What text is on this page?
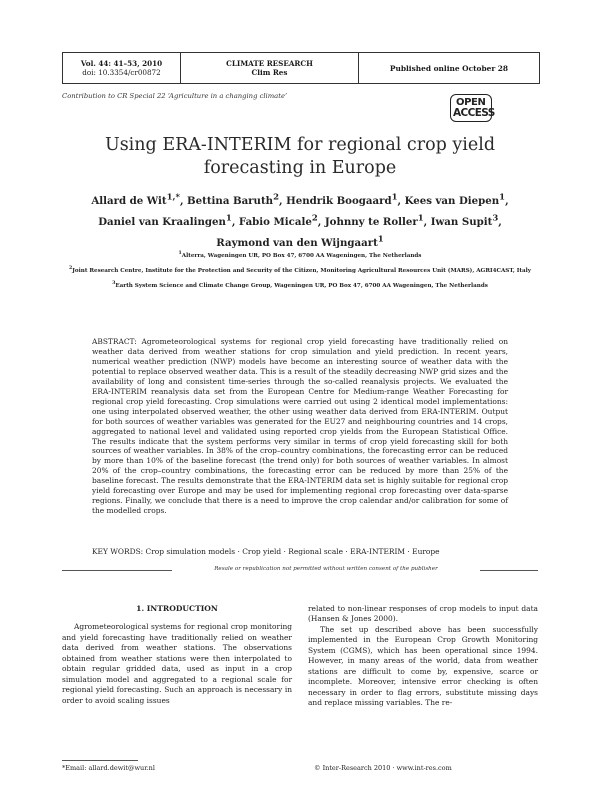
Vol. 44: 41–53, 2010
doi: 10.3354/cr00872
CLIMATE RESEARCH
Clim Res	Published online October 28
Contribution to CR Special 22 ‘Agriculture in a changing climate’
OPEN
ACCESS
Using ERA-INTERIM for regional crop yield
forecasting in Europe
Allard de Wit$^{1,*}$, Bettina Baruth$^2$, Hendrik Boogaard$^1$, Kees van Diepen$^1$,
Daniel van Kraalingen$^1$, Fabio Micale$^2$, Johnny te Roller$^1$, Iwan Supit$^3$,
Raymond van den Wijngaart$^1$
$^1$Alterra, Wageningen UR, PO Box 47, 6700 AA Wageningen, The Netherlands
$^2$Joint Research Centre, Institute for the Protection and Security of the Citizen, Monitoring Agricultural Resources Unit (MARS), AGRI4CAST, Italy
$^3$Earth System Science and Climate Change Group, Wageningen UR, PO Box 47, 6700 AA Wageningen, The Netherlands
ABSTRACT: Agrometeorological systems for regional crop yield forecasting have traditionally relied on weather data derived from weather stations for crop simulation and yield prediction. In recent years, numerical weather prediction (NWP) models have become an interesting source of weather data with the potential to replace observed weather data. This is a result of the steadily decreasing NWP grid sizes and the availability of long and consistent time-series through the so-called reanalysis projects. We evaluated the ERA-INTERIM reanalysis data set from the European Centre for Medium-range Weather Forecasting for regional crop yield forecasting. Crop simulations were carried out using 2 identical model implementations: one using interpolated observed weather, the other using weather data derived from ERA-INTERIM. Output for both sources of weather variables was generated for the EU27 and neighbouring countries and 14 crops, aggregated to national level and validated using reported crop yields from the European Statistical Office. The results indicate that the system performs very similar in terms of crop yield forecasting skill for both sources of weather variables. In 38% of the crop–country combinations, the forecasting error can be reduced by more than 10% of the baseline forecast (the trend only) for both sources of weather variables. In almost 20% of the crop–country combinations, the forecasting error can be reduced by more than 25% of the baseline forecast. The results demonstrate that the ERA-INTERIM data set is highly suitable for regional crop yield forecasting over Europe and may be used for implementing regional crop forecasting over data-sparse regions. Finally, we conclude that there is a need to improve the crop calendar and/or calibration for some of the modelled crops.
KEY WORDS: Crop simulation models · Crop yield · Regional scale · ERA-INTERIM · Europe
Resale or republication not permitted without written consent of the publisher
1. INTRODUCTION
Agrometeorological systems for regional crop monitoring and yield forecasting have traditionally relied on weather data derived from weather stations. The observations obtained from weather stations were then interpolated to obtain regular gridded data, used as input in a crop simulation model and aggregated to a regional scale for regional yield forecasting. Such an approach is necessary in order to avoid scaling issues
related to non-linear responses of crop models to input data (Hansen & Jones 2000).
The set up described above has been successfully implemented in the European Crop Growth Monitoring System (CGMS), which has been operational since 1994. However, in many areas of the world, data from weather stations are difficult to come by, expensive, scarce or incomplete. Moreover, intensive error checking is often necessary in order to flag errors, substitute missing days and replace missing variables. The re-
*Email: allard.dewit@wur.nl	© Inter-Research 2010 · www.int-res.com
